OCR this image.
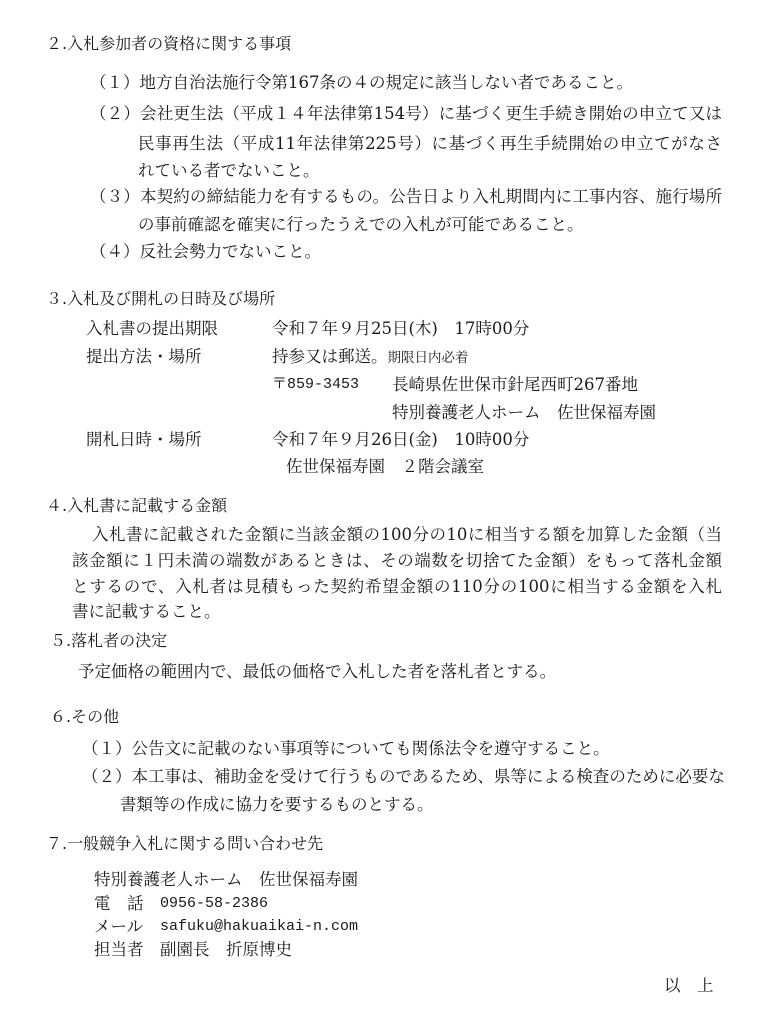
２.入札参加者の資格に関する事項
（１）地方自治法施行令第167条の４の規定に該当しない者であること。
（２）会社更生法（平成１４年法律第154号）に基づく更生手続き開始の申立て又は
民事再生法（平成11年法律第225号）に基づく再生手続開始の申立てがなさ
れている者でないこと。
（３）本契約の締結能力を有するもの。公告日より入札期間内に工事内容、施行場所
の事前確認を確実に行ったうえでの入札が可能であること。
（４）反社会勢力でないこと。
３.入札及び開札の日時及び場所
入札書の提出期限	令和７年９月25日(木)　17時00分
提出方法・場所	持参又は郵送。期限日内必着
〒859-3453 長崎県佐世保市針尾西町267番地
特別養護老人ホーム　佐世保福寿園
開札日時・場所	令和７年９月26日(金)　10時00分
佐世保福寿園　２階会議室
４.入札書に記載する金額
入札書に記載された金額に当該金額の100分の10に相当する額を加算した金額（当
該金額に１円未満の端数があるときは、その端数を切捨てた金額）をもって落札金額
とするので、入札者は見積もった契約希望金額の110分の100に相当する金額を入札
書に記載すること。
５.落札者の決定
予定価格の範囲内で、最低の価格で入札した者を落札者とする。
６.その他
（１）公告文に記載のない事項等についても関係法令を遵守すること。
（２）本工事は、補助金を受けて行うものであるため、県等による検査のために必要な
書類等の作成に協力を要するものとする。
７.一般競争入札に関する問い合わせ先
特別養護老人ホーム　佐世保福寿園
電　話 0956-58-2386
メール safuku@hakuaikai-n.com
担当者 副園長　折原博史
以　上
